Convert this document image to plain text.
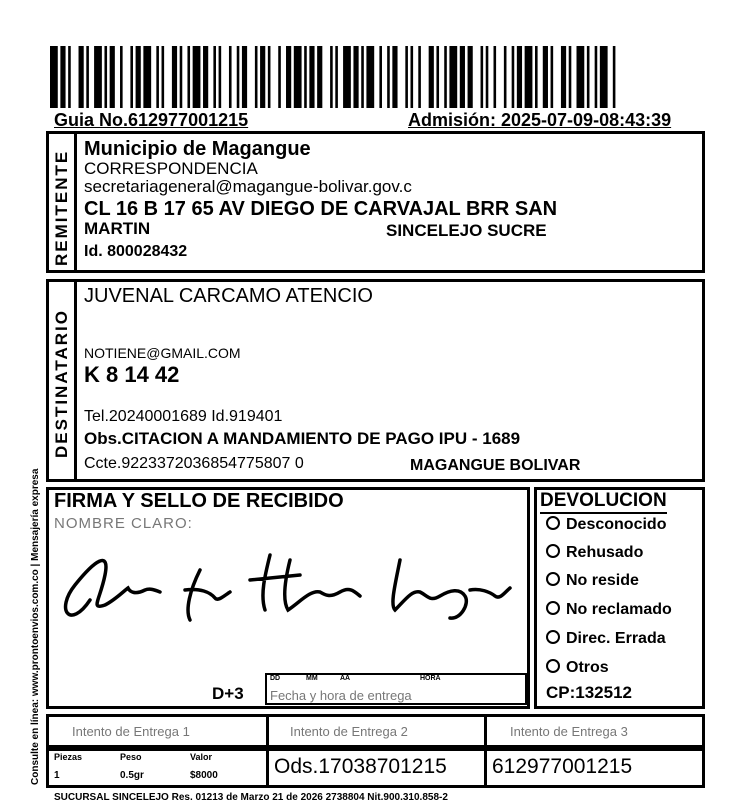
Guia No.612977001215	Admisión: 2025-07-09-08:43:39
Consulte en línea: www.prontoenvios.com.co | Mensajería expresa
REMITENTE
Municipio de Magangue
CORRESPONDENCIA
secretariageneral@magangue-bolivar.gov.c
CL 16 B 17 65 AV DIEGO DE CARVAJAL BRR SAN
MARTIN	SINCELEJO SUCRE
Id. 800028432
DESTINATARIO
JUVENAL CARCAMO ATENCIO
NOTIENE@GMAIL.COM
K 8 14 42
Tel.20240001689 Id.919401
Obs.CITACION A MANDAMIENTO DE PAGO IPU - 1689
Ccte.9223372036854775807 0	MAGANGUE BOLIVAR
FIRMA Y SELLO DE RECIBIDO
NOMBRE CLARO:
D+3
DD	MM	AA	HORA
Fecha y hora de entrega
DEVOLUCION
Desconocido
Rehusado
No reside
No reclamado
Direc. Errada
Otros
CP:132512
Intento de Entrega 1	Intento de Entrega 2	Intento de Entrega 3
Piezas	Peso	Valor
1	0.5gr	$8000	Ods.17038701215 612977001215
SUCURSAL SINCELEJO Res. 01213 de Marzo 21 de 2026 2738804 Nit.900.310.858-2
